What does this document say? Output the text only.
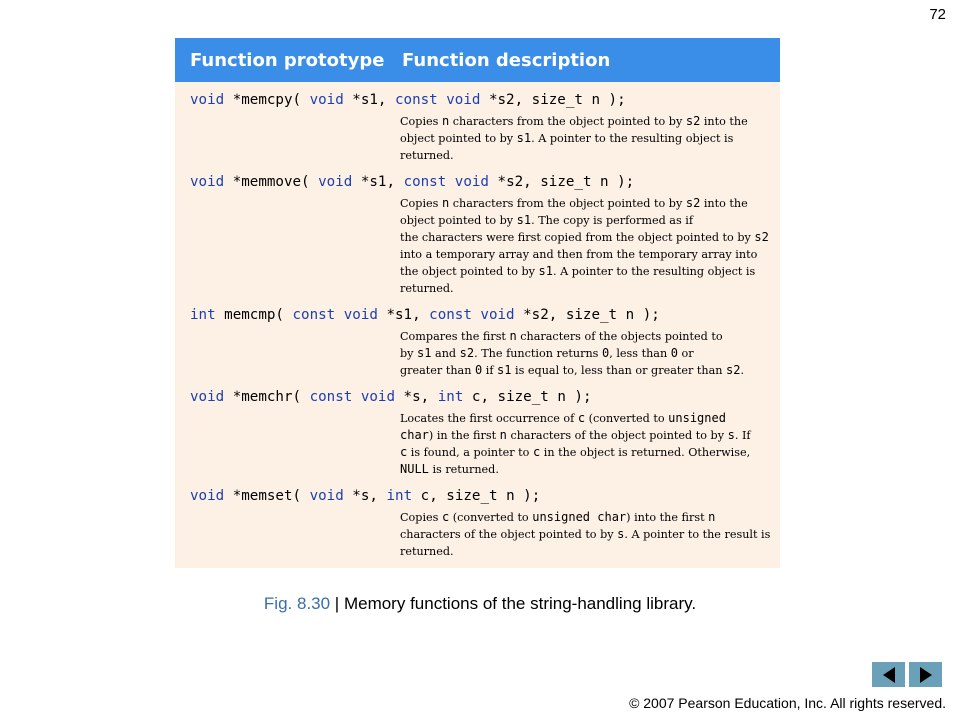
72
Function prototype Function description
void *memcpy( void *s1, const void *s2, size_t n );
Copies n characters from the object pointed to by s2 into the
object pointed to by s1. A pointer to the resulting object is
returned.
void *memmove( void *s1, const void *s2, size_t n );
Copies n characters from the object pointed to by s2 into the
object pointed to by s1. The copy is performed as if
the characters were first copied from the object pointed to by s2
into a temporary array and then from the temporary array into
the object pointed to by s1. A pointer to the resulting object is
returned.
int memcmp( const void *s1, const void *s2, size_t n );
Compares the first n characters of the objects pointed to
by s1 and s2. The function returns 0, less than 0 or
greater than 0 if s1 is equal to, less than or greater than s2.
void *memchr( const void *s, int c, size_t n );
Locates the first occurrence of c (converted to unsigned
char) in the first n characters of the object pointed to by s. If
c is found, a pointer to c in the object is returned. Otherwise,
NULL is returned.
void *memset( void *s, int c, size_t n );
Copies c (converted to unsigned char) into the first n
characters of the object pointed to by s. A pointer to the result is
returned.
Fig. 8.30 | Memory functions of the string-handling library.
© 2007 Pearson Education, Inc. All rights reserved.
